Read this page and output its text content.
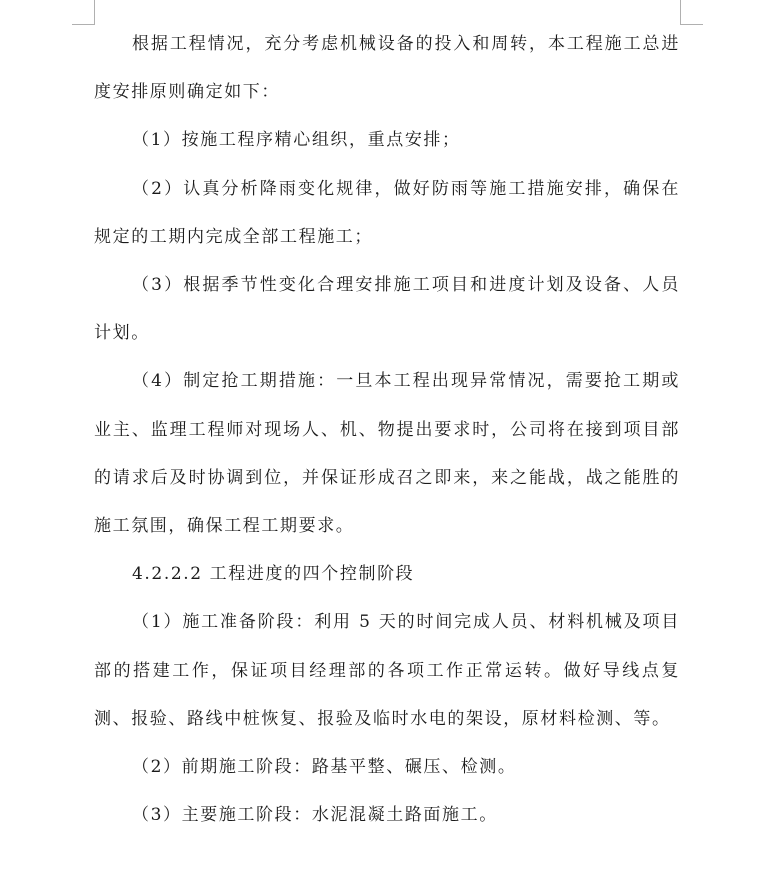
根据工程情况，充分考虑机械设备的投入和周转，本工程施工总进度安排原则确定如下：

（1）按施工程序精心组织，重点安排；

（2）认真分析降雨变化规律，做好防雨等施工措施安排，确保在规定的工期内完成全部工程施工；

（3）根据季节性变化合理安排施工项目和进度计划及设备、人员计划。

（4）制定抢工期措施：一旦本工程出现异常情况，需要抢工期或业主、监理工程师对现场人、机、物提出要求时，公司将在接到项目部的请求后及时协调到位，并保证形成召之即来，来之能战，战之能胜的施工氛围，确保工程工期要求。

4.2.2.2 工程进度的四个控制阶段

（1）施工准备阶段：利用 5 天的时间完成人员、材料机械及项目部的搭建工作，保证项目经理部的各项工作正常运转。做好导线点复测、报验、路线中桩恢复、报验及临时水电的架设，原材料检测、等。

（2）前期施工阶段：路基平整、碾压、检测。

（3）主要施工阶段：水泥混凝土路面施工。
